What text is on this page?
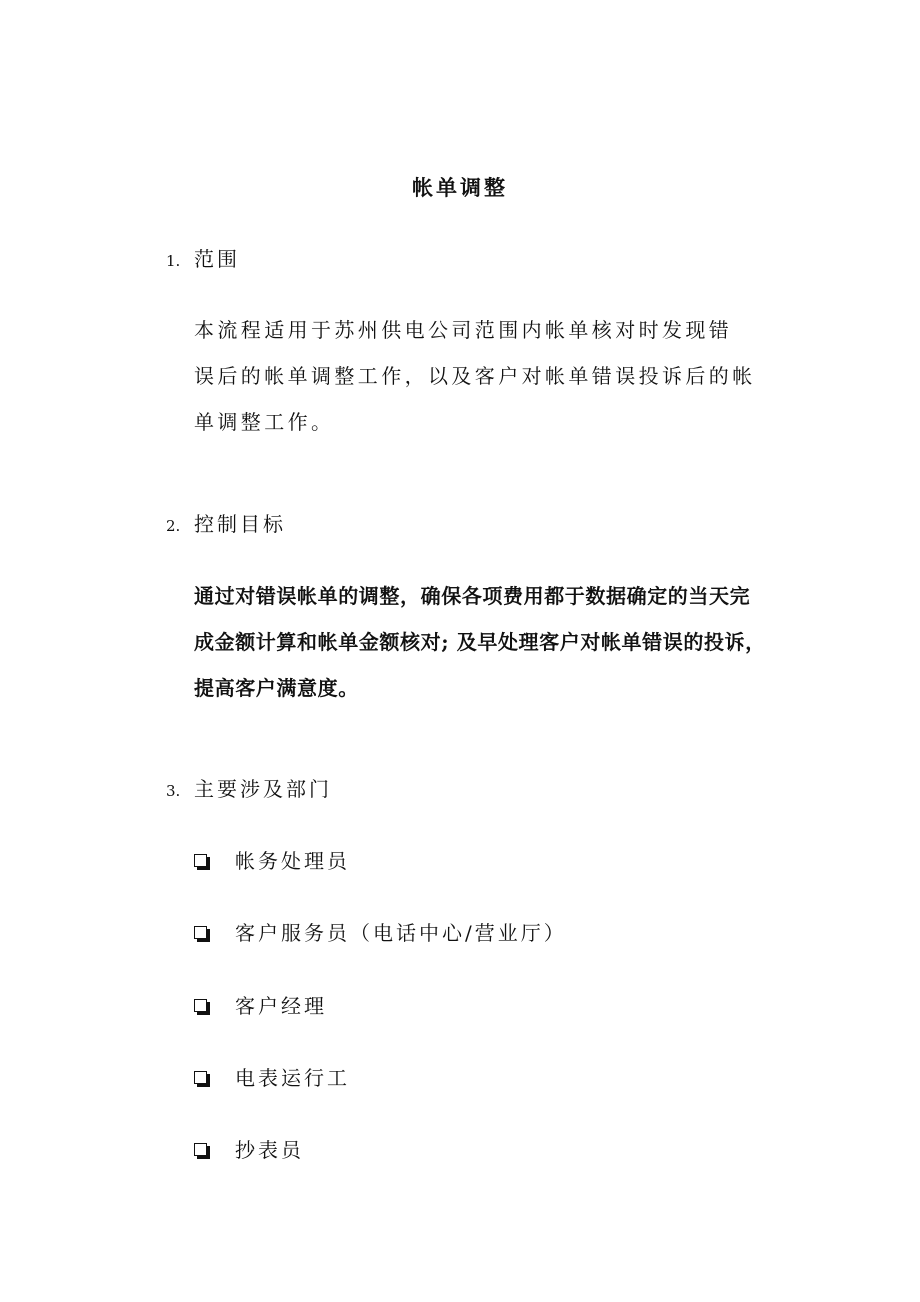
帐单调整
1. 范围
本流程适用于苏州供电公司范围内帐单核对时发现错
误后的帐单调整工作，以及客户对帐单错误投诉后的帐
单调整工作。
2. 控制目标
通过对错误帐单的调整，确保各项费用都于数据确定的当天完
成金额计算和帐单金额核对; 及早处理客户对帐单错误的投诉，
提高客户满意度。
3. 主要涉及部门
帐务处理员
客户服务员（电话中心/营业厅）
客户经理
电表运行工
抄表员
